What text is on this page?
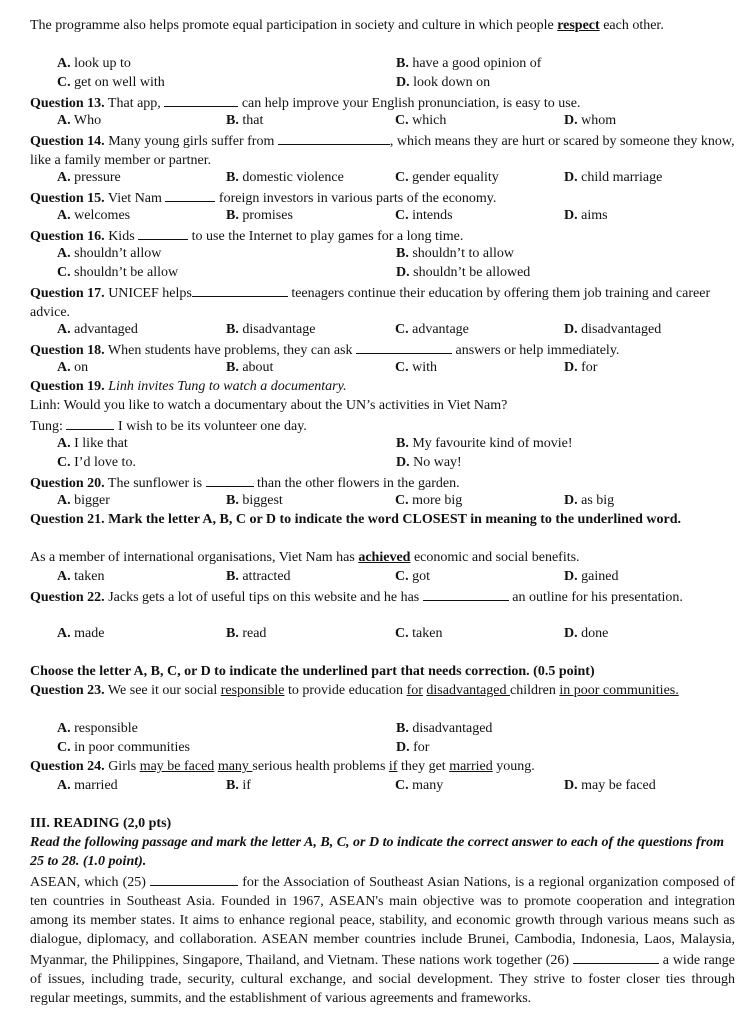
The programme also helps promote equal participation in society and culture in which people respect each other.
A. look up to	B. have a good opinion of
C. get on well with	D. look down on
Question 13. That app,	can help improve your English pronunciation, is easy to use.
A. Who	B. that	C. which	D. whom
Question 14. Many young girls suffer from	, which means they are hurt or scared by someone they know, like a family member or partner.
A. pressure	B. domestic violence	C. gender equality	D. child marriage
Question 15. Viet Nam	foreign investors in various parts of the economy.
A. welcomes	B. promises	C. intends	D. aims
Question 16. Kids	to use the Internet to play games for a long time.
A. shouldn’t allow	B. shouldn’t to allow
C. shouldn’t be allow	D. shouldn’t be allowed
Question 17. UNICEF helps	teenagers continue their education by offering them job training and career advice.
A. advantaged	B. disadvantage	C. advantage	D. disadvantaged
Question 18. When students have problems, they can ask	answers or help immediately.
A. on	B. about	C. with	D. for
Question 19. Linh invites Tung to watch a documentary.
Linh: Would you like to watch a documentary about the UN’s activities in Viet Nam?
Tung:	I wish to be its volunteer one day.
A. I like that	B. My favourite kind of movie!
C. I’d love to.	D. No way!
Question 20. The sunflower is	than the other flowers in the garden.
A. bigger	B. biggest	C. more big	D. as big
Question 21. Mark the letter A, B, C or D to indicate the word CLOSEST in meaning to the underlined word.
As a member of international organisations, Viet Nam has achieved economic and social benefits.
A. taken	B. attracted	C. got	D. gained
Question 22. Jacks gets a lot of useful tips on this website and he has	an outline for his presentation.
A. made	B. read	C. taken	D. done
Choose the letter A, B, C, or D to indicate the underlined part that needs correction. (0.5 point)
Question 23. We see it our social responsible to provide education for disadvantaged children in poor communities.
A. responsible	B. disadvantaged
C. in poor communities	D. for
Question 24. Girls may be faced many serious health problems if they get married young.
A. married	B. if	C. many	D. may be faced
III. READING (2,0 pts)
Read the following passage and mark the letter A, B, C, or D to indicate the correct answer to each of the questions from 25 to 28. (1.0 point).
ASEAN, which (25)	for the Association of Southeast Asian Nations, is a regional organization composed of ten countries in Southeast Asia. Founded in 1967, ASEAN's main objective was to promote cooperation and integration among its member states. It aims to enhance regional peace, stability, and economic growth through various means such as dialogue, diplomacy, and collaboration. ASEAN member countries include Brunei, Cambodia, Indonesia, Laos, Malaysia, Myanmar, the Philippines, Singapore, Thailand, and Vietnam. These nations work together (26)	a wide range of issues, including trade, security, cultural exchange, and social development. They strive to foster closer ties through regular meetings, summits, and the establishment of various agreements and frameworks.
